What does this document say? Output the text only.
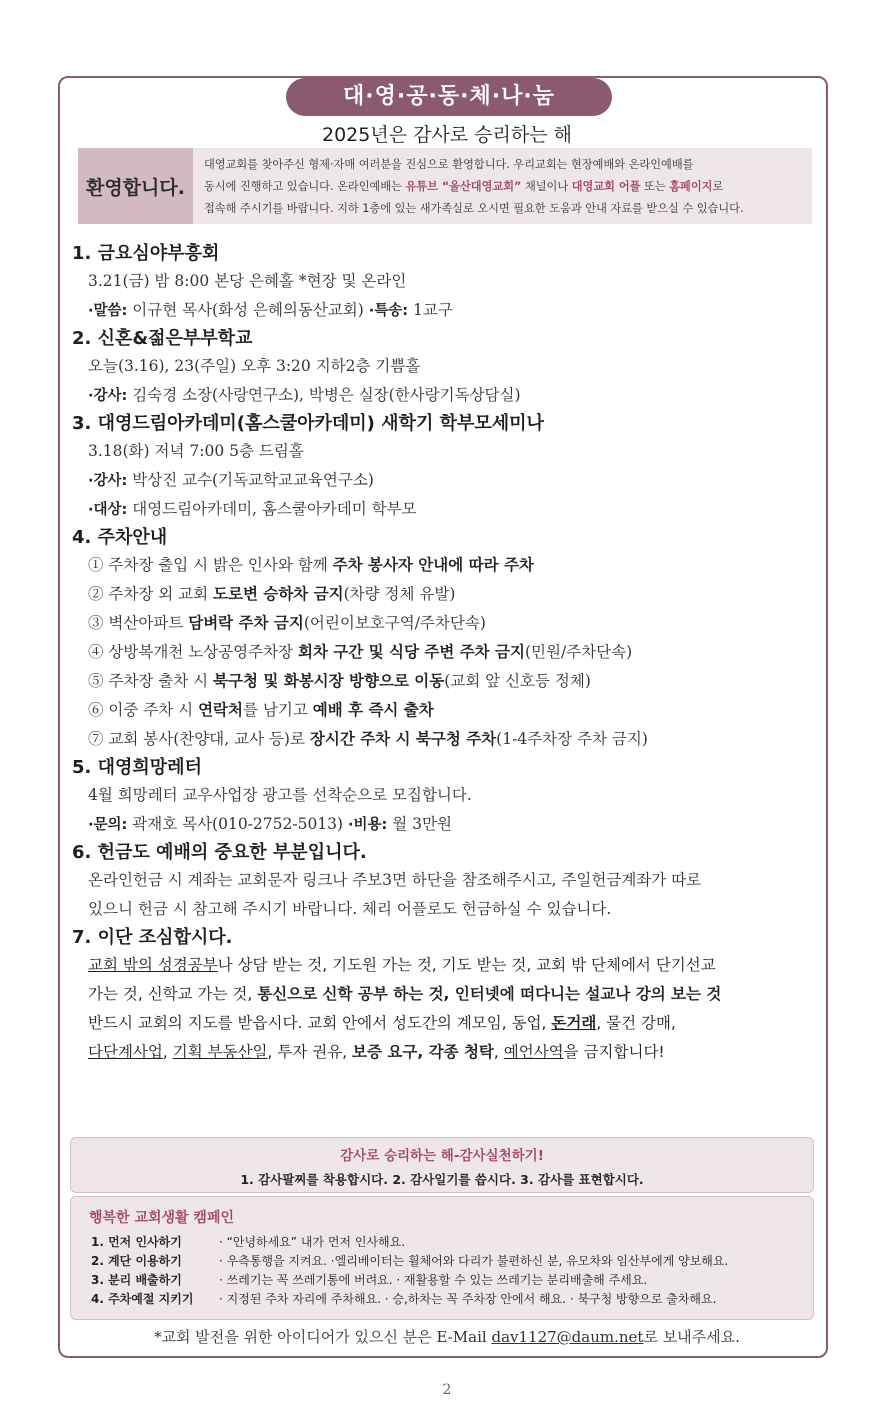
대·영·공·동·체·나·눔
2025년은 감사로 승리하는 해
환영합니다.
대영교회를 찾아주신 형제·자매 여러분을 진심으로 환영합니다. 우리교회는 현장예배와 온라인예배를
동시에 진행하고 있습니다. 온라인예배는 유튜브 “울산대영교회” 채널이나 대영교회 어플 또는 홈페이지로
접속해 주시기를 바랍니다. 지하 1층에 있는 새가족실로 오시면 필요한 도움과 안내 자료를 받으실 수 있습니다.
1. 금요심야부흥회
3.21(금) 밤 8:00 본당 은혜홀 *현장 및 온라인
·말씀: 이규현 목사(화성 은혜의동산교회) ·특송: 1교구
2. 신혼&젊은부부학교
오늘(3.16), 23(주일) 오후 3:20 지하2층 기쁨홀
·강사: 김숙경 소장(사랑연구소), 박병은 실장(한사랑기독상담실)
3. 대영드림아카데미(홈스쿨아카데미) 새학기 학부모세미나
3.18(화) 저녁 7:00 5층 드림홀
·강사: 박상진 교수(기독교학교교육연구소)
·대상: 대영드림아카데미, 홈스쿨아카데미 학부모
4. 주차안내
① 주차장 출입 시 밝은 인사와 함께 주차 봉사자 안내에 따라 주차
② 주차장 외 교회 도로변 승하차 금지(차량 정체 유발)
③ 벽산아파트 담벼락 주차 금지(어린이보호구역/주차단속)
④ 상방복개천 노상공영주차장 회차 구간 및 식당 주변 주차 금지(민원/주차단속)
⑤ 주차장 출차 시 북구청 및 화봉시장 방향으로 이동(교회 앞 신호등 정체)
⑥ 이중 주차 시 연락처를 남기고 예배 후 즉시 출차
⑦ 교회 봉사(찬양대, 교사 등)로 장시간 주차 시 북구청 주차(1-4주차장 주차 금지)
5. 대영희망레터
4월 희망레터 교우사업장 광고를 선착순으로 모집합니다.
·문의: 곽재호 목사(010-2752-5013) ·비용: 월 3만원
6. 헌금도 예배의 중요한 부분입니다.
온라인헌금 시 계좌는 교회문자 링크나 주보3면 하단을 참조해주시고, 주일헌금계좌가 따로
있으니 헌금 시 참고해 주시기 바랍니다. 체리 어플로도 헌금하실 수 있습니다.
7. 이단 조심합시다.
교회 밖의 성경공부나 상담 받는 것, 기도원 가는 것, 기도 받는 것, 교회 밖 단체에서 단기선교
가는 것, 신학교 가는 것, 통신으로 신학 공부 하는 것, 인터넷에 떠다니는 설교나 강의 보는 것
반드시 교회의 지도를 받읍시다. 교회 안에서 성도간의 계모임, 동업, 돈거래, 물건 강매,
다단계사업, 기획 부동산일, 투자 권유, 보증 요구, 각종 청탁, 예언사역을 금지합니다!
감사로 승리하는 해-감사실천하기!
1. 감사팔찌를 착용합시다. 2. 감사일기를 씁시다. 3. 감사를 표현합시다.
행복한 교회생활 캠페인
1. 먼저 인사하기	· “안녕하세요” 내가 먼저 인사해요.
2. 계단 이용하기	· 우측통행을 지켜요. ·엘리베이터는 휠체어와 다리가 불편하신 분, 유모차와 임산부에게 양보해요.
3. 분리 배출하기	· 쓰레기는 꼭 쓰레기통에 버려요. · 재활용할 수 있는 쓰레기는 분리배출해 주세요.
4. 주차예절 지키기 · 지정된 주차 자리에 주차해요. · 승,하차는 꼭 주차장 안에서 해요. · 북구청 방향으로 출차해요.
*교회 발전을 위한 아이디어가 있으신 분은 E-Mail dav1127@daum.net로 보내주세요.
2
